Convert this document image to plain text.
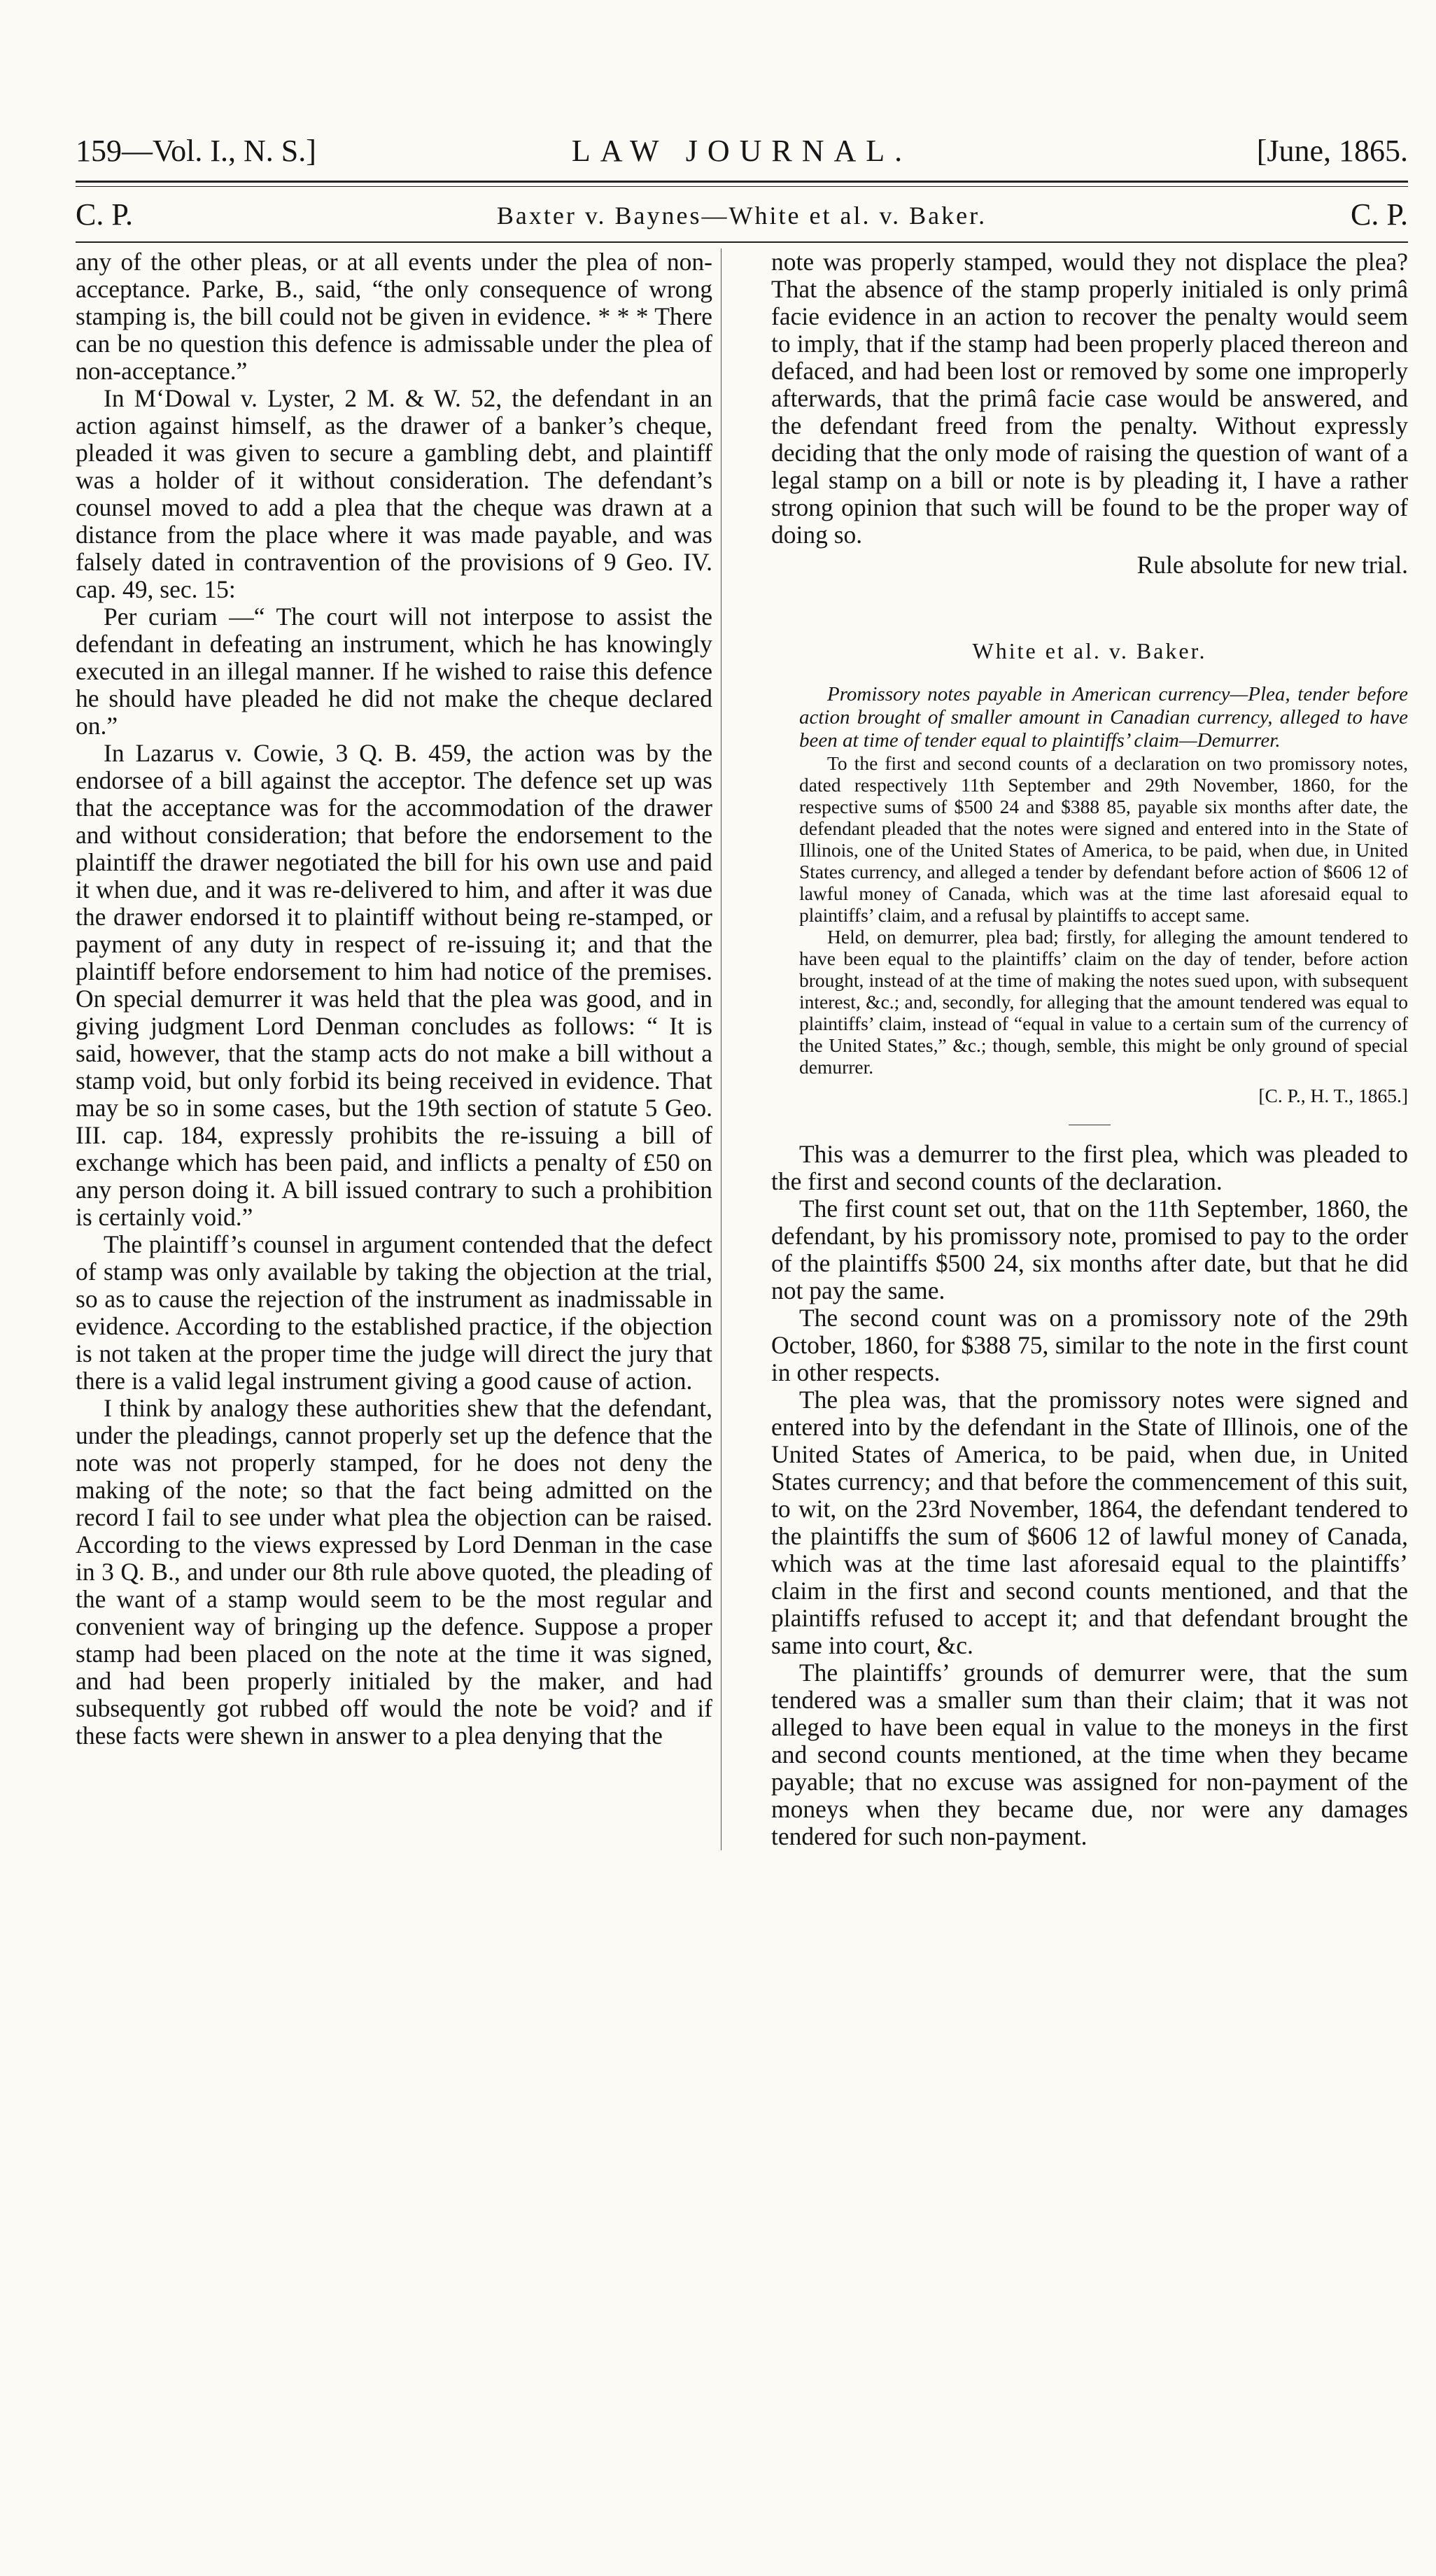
159—Vol. I., N. S.]	LAW JOURNAL.	[June, 1865.
C. P.	Baxter v. Baynes—White et al. v. Baker.	C. P.

any of the other pleas, or at all events under the plea of non-acceptance. Parke, B., said, “the only consequence of wrong stamping is, the bill could not be given in evidence. * * * There can be no question this defence is admissable under the plea of non-acceptance.”

In M‘Dowal v. Lyster, 2 M. & W. 52, the defendant in an action against himself, as the drawer of a banker’s cheque, pleaded it was given to secure a gambling debt, and plaintiff was a holder of it without consideration. The defendant’s counsel moved to add a plea that the cheque was drawn at a distance from the place where it was made payable, and was falsely dated in contravention of the provisions of 9 Geo. IV. cap. 49, sec. 15:

Per curiam —“ The court will not interpose to assist the defendant in defeating an instrument, which he has knowingly executed in an illegal manner. If he wished to raise this defence he should have pleaded he did not make the cheque declared on.”

In Lazarus v. Cowie, 3 Q. B. 459, the action was by the endorsee of a bill against the acceptor. The defence set up was that the acceptance was for the accommodation of the drawer and without consideration; that before the endorsement to the plaintiff the drawer negotiated the bill for his own use and paid it when due, and it was re-delivered to him, and after it was due the drawer endorsed it to plaintiff without being re-stamped, or payment of any duty in respect of re-issuing it; and that the plaintiff before endorsement to him had notice of the premises. On special demurrer it was held that the plea was good, and in giving judgment Lord Denman concludes as follows: “ It is said, however, that the stamp acts do not make a bill without a stamp void, but only forbid its being received in evidence. That may be so in some cases, but the 19th section of statute 5 Geo. III. cap. 184, expressly prohibits the re-issuing a bill of exchange which has been paid, and inflicts a penalty of £50 on any person doing it. A bill issued contrary to such a prohibition is certainly void.”

The plaintiff’s counsel in argument contended that the defect of stamp was only available by taking the objection at the trial, so as to cause the rejection of the instrument as inadmissable in evidence. According to the established practice, if the objection is not taken at the proper time the judge will direct the jury that there is a valid legal instrument giving a good cause of action.

I think by analogy these authorities shew that the defendant, under the pleadings, cannot properly set up the defence that the note was not properly stamped, for he does not deny the making of the note; so that the fact being admitted on the record I fail to see under what plea the objection can be raised. According to the views expressed by Lord Denman in the case in 3 Q. B., and under our 8th rule above quoted, the pleading of the want of a stamp would seem to be the most regular and convenient way of bringing up the defence. Suppose a proper stamp had been placed on the note at the time it was signed, and had been properly initialed by the maker, and had subsequently got rubbed off would the note be void? and if these facts were shewn in answer to a plea denying that the

note was properly stamped, would they not displace the plea? That the absence of the stamp properly initialed is only primâ facie evidence in an action to recover the penalty would seem to imply, that if the stamp had been properly placed thereon and defaced, and had been lost or removed by some one improperly afterwards, that the primâ facie case would be answered, and the defendant freed from the penalty. Without expressly deciding that the only mode of raising the question of want of a legal stamp on a bill or note is by pleading it, I have a rather strong opinion that such will be found to be the proper way of doing so.

Rule absolute for new trial.
White et al. v. Baker.

Promissory notes payable in American currency—Plea, tender before action brought of smaller amount in Canadian currency, alleged to have been at time of tender equal to plaintiffs’ claim—Demurrer.

To the first and second counts of a declaration on two promissory notes, dated respectively 11th September and 29th November, 1860, for the respective sums of $500 24 and $388 85, payable six months after date, the defendant pleaded that the notes were signed and entered into in the State of Illinois, one of the United States of America, to be paid, when due, in United States currency, and alleged a tender by defendant before action of $606 12 of lawful money of Canada, which was at the time last aforesaid equal to plaintiffs’ claim, and a refusal by plaintiffs to accept same.

Held, on demurrer, plea bad; firstly, for alleging the amount tendered to have been equal to the plaintiffs’ claim on the day of tender, before action brought, instead of at the time of making the notes sued upon, with subsequent interest, &c.; and, secondly, for alleging that the amount tendered was equal to plaintiffs’ claim, instead of “equal in value to a certain sum of the currency of the United States,” &c.; though, semble, this might be only ground of special demurrer.

[C. P., H. T., 1865.]

This was a demurrer to the first plea, which was pleaded to the first and second counts of the declaration.

The first count set out, that on the 11th September, 1860, the defendant, by his promissory note, promised to pay to the order of the plaintiffs $500 24, six months after date, but that he did not pay the same.

The second count was on a promissory note of the 29th October, 1860, for $388 75, similar to the note in the first count in other respects.

The plea was, that the promissory notes were signed and entered into by the defendant in the State of Illinois, one of the United States of America, to be paid, when due, in United States currency; and that before the commencement of this suit, to wit, on the 23rd November, 1864, the defendant tendered to the plaintiffs the sum of $606 12 of lawful money of Canada, which was at the time last aforesaid equal to the plaintiffs’ claim in the first and second counts mentioned, and that the plaintiffs refused to accept it; and that defendant brought the same into court, &c.

The plaintiffs’ grounds of demurrer were, that the sum tendered was a smaller sum than their claim; that it was not alleged to have been equal in value to the moneys in the first and second counts mentioned, at the time when they became payable; that no excuse was assigned for non-payment of the moneys when they became due, nor were any damages tendered for such non-payment.
